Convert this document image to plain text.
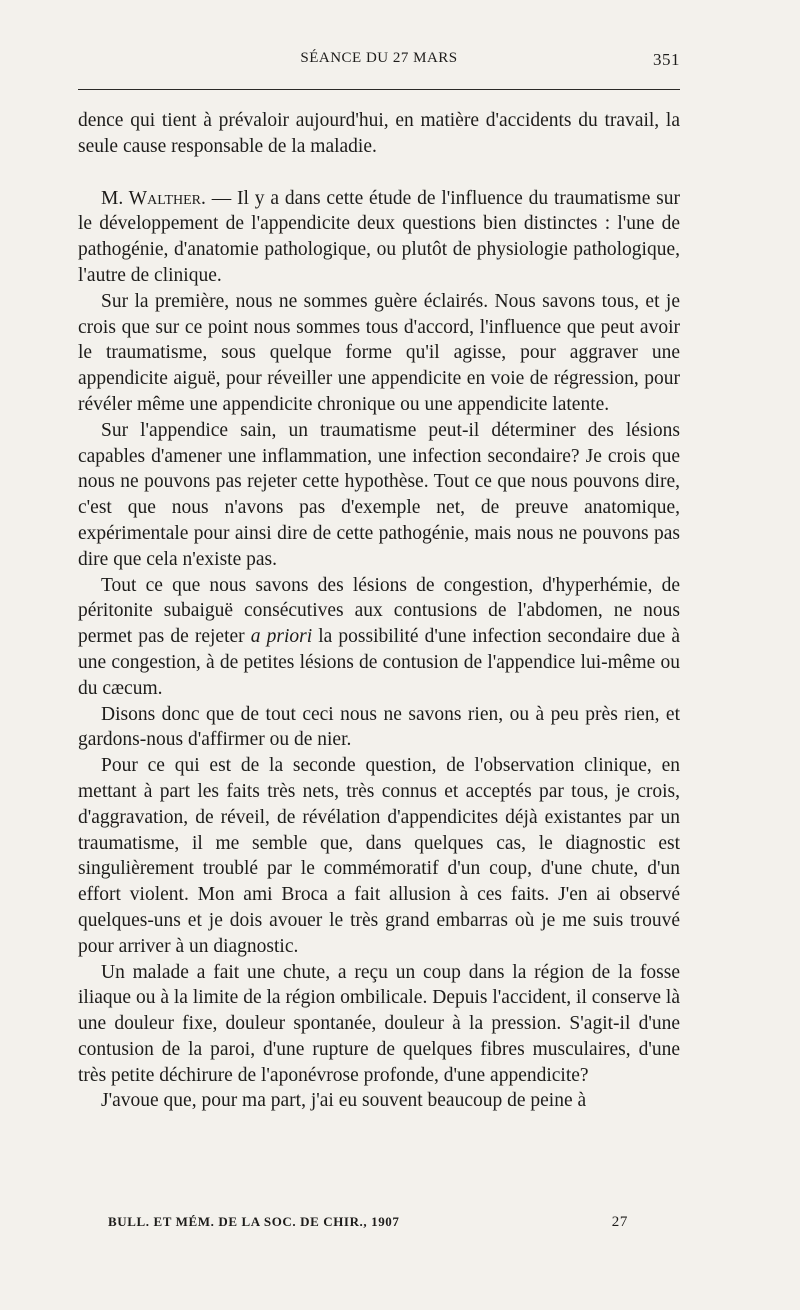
SÉANCE DU 27 MARS	351

dence qui tient à prévaloir aujourd'hui, en matière d'accidents du travail, la seule cause responsable de la maladie.

M. Walther. — Il y a dans cette étude de l'influence du traumatisme sur le développement de l'appendicite deux questions bien distinctes : l'une de pathogénie, d'anatomie pathologique, ou plutôt de physiologie pathologique, l'autre de clinique.

Sur la première, nous ne sommes guère éclairés. Nous savons tous, et je crois que sur ce point nous sommes tous d'accord, l'influence que peut avoir le traumatisme, sous quelque forme qu'il agisse, pour aggraver une appendicite aiguë, pour réveiller une appendicite en voie de régression, pour révéler même une appendicite chronique ou une appendicite latente.

Sur l'appendice sain, un traumatisme peut-il déterminer des lésions capables d'amener une inflammation, une infection secondaire? Je crois que nous ne pouvons pas rejeter cette hypothèse. Tout ce que nous pouvons dire, c'est que nous n'avons pas d'exemple net, de preuve anatomique, expérimentale pour ainsi dire de cette pathogénie, mais nous ne pouvons pas dire que cela n'existe pas.

Tout ce que nous savons des lésions de congestion, d'hyperhémie, de péritonite subaiguë consécutives aux contusions de l'abdomen, ne nous permet pas de rejeter a priori la possibilité d'une infection secondaire due à une congestion, à de petites lésions de contusion de l'appendice lui-même ou du cæcum.

Disons donc que de tout ceci nous ne savons rien, ou à peu près rien, et gardons-nous d'affirmer ou de nier.

Pour ce qui est de la seconde question, de l'observation clinique, en mettant à part les faits très nets, très connus et acceptés par tous, je crois, d'aggravation, de réveil, de révélation d'appendicites déjà existantes par un traumatisme, il me semble que, dans quelques cas, le diagnostic est singulièrement troublé par le commémoratif d'un coup, d'une chute, d'un effort violent. Mon ami Broca a fait allusion à ces faits. J'en ai observé quelques-uns et je dois avouer le très grand embarras où je me suis trouvé pour arriver à un diagnostic.

Un malade a fait une chute, a reçu un coup dans la région de la fosse iliaque ou à la limite de la région ombilicale. Depuis l'accident, il conserve là une douleur fixe, douleur spontanée, douleur à la pression. S'agit-il d'une contusion de la paroi, d'une rupture de quelques fibres musculaires, d'une très petite déchirure de l'aponévrose profonde, d'une appendicite?

J'avoue que, pour ma part, j'ai eu souvent beaucoup de peine à

BULL. ET MÉM. DE LA SOC. DE CHIR., 1907	27
